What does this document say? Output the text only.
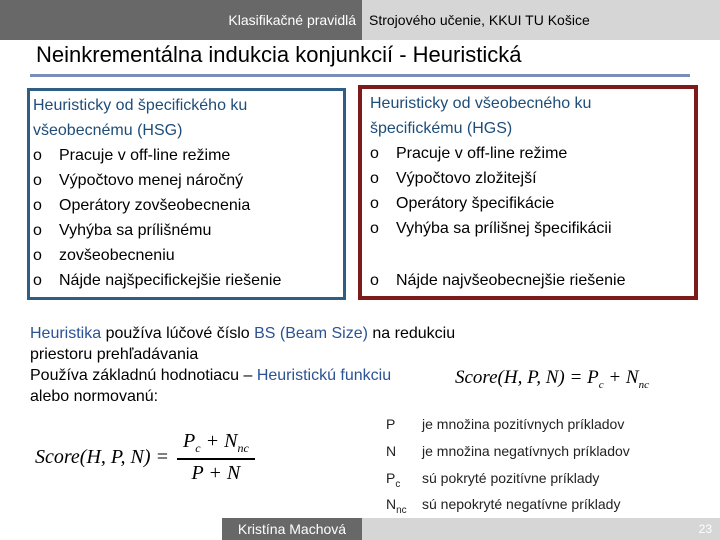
Klasifikačné pravidlá Strojového učenie, KKUI TU Košice
Neinkrementálna indukcia konjunkcií - Heuristická
Heuristicky od špecifického ku
všeobecnému (HSG)
o Pracuje v off-line režime
o Výpočtovo menej náročný
o Operátory zovšeobecnenia
o Vyhýba sa prílišnému
o zovšeobecneniu
o Nájde najšpecifickejšie riešenie
Heuristicky od všeobecného ku
špecifickému (HGS)
o Pracuje v off-line režime
o Výpočtovo zložitejší
o Operátory špecifikácie
o Vyhýba sa prílišnej špecifikácii
o Nájde najvšeobecnejšie riešenie
Heuristika používa lúčové číslo BS (Beam Size) na redukciu priestoru prehľadávania
Používa základnú hodnotiacu – Heuristickú funkciu
alebo normovanú:
Score(H, P, $N) = P_c + N_{nc}$
Score(H, P, $N) = \frac{P_c + N_{nc}}{P + N}$
P	je množina pozitívnych príkladov
N	je množina negatívnych príkladov
$P_c$	sú pokryté pozitívne príklady
$N_{nc}$	sú nepokryté negatívne príklady
Kristína Machová	23
